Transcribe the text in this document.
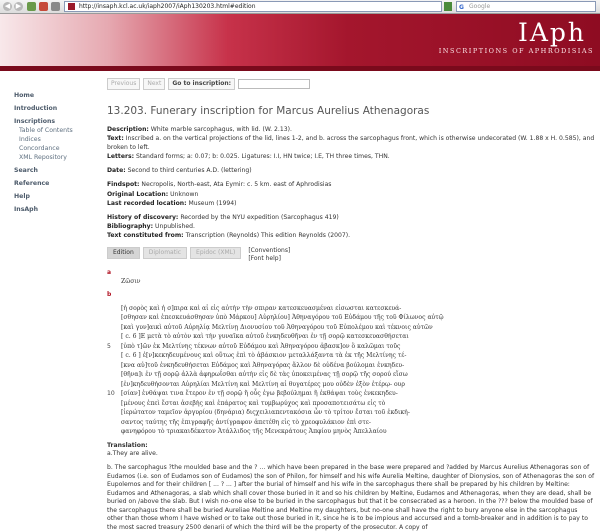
◀ ▶	http://insaph.kcl.ac.uk/iaph2007/iAph130203.html#edition	G Google
IAph
INSCRIPTIONS OF APHRODISIAS
Home
Introduction
Inscriptions
Table of Contents
Indices
Concordance
XML Repository
Search
Reference
Help
InsAph
Previous	Next	Go to inscription:
13.203. Funerary inscription for Marcus Aurelius Athenagoras
Description: White marble sarcophagus, with lid. (W. 2.13).
Text: Inscribed a. on the vertical projections of the lid, lines 1-2, and b. across the sarcophagus front, which is otherwise undecorated (W. 1.88 x H. 0.585), and broken to left.
Letters: Standard forms; a: 0.07; b: 0.025. Ligatures: Ι.Ι, ΗΝ twice; Ι.Ε, ΤΗ three times, ΤΗΝ.
Date: Second to third centuries A.D. (lettering)
Findspot: Necropolis, North-east, Ata Eymir: c. 5 km. east of Aphrodisias
Original Location: Unknown
Last recorded location: Museum (1994)
History of discovery: Recorded by the NYU expedition (Sarcophagus 419)
Bibliography: Unpublished.
Text constituted from: Transcription (Reynolds) This edition Reynolds (2007).
Edition	Diplomatic	Epidoc (XML)	[Conventions]
[Font help]
a
Ζῶσιν
b
[ἡ σορὸς καὶ ἡ σ]πιρα καὶ αἱ εἰς αὐτὴν τὴν σπιραν κατεσκευασμέναι εἰσωσται κατεσκευά-
[σθησαν καὶ ἐπεσκευάσθησαν ὑπὸ Μάρκου] Αὐρηλίου] Ἀθηναγόρου τοῦ Εὐδάμου τῆς τοῦ Φίλωνος αὐτῷ
[καὶ γυν]αικὶ αὐτοῦ Αὐρηλίᾳ Μελτίνῃ Διονυσίου τοῦ Ἀθηναγόρου τοῦ Εὐπολέμου καὶ τέκνοις αὐτῶν
[ c. 6 ]Ε μετὰ τὸ αὐτὸν καὶ τὴν γυναῖκα αὐτοῦ ἐνκηδευθῆναι ἐν τῇ σορῷ κατεσκευασθήσεται
5	[ὑπὸ τ]ῶν ἐκ Μελτίνης τέκνων αὐτοῦ Εὐδάμου καὶ Ἀθηναγόρου ἀβασκ]ον ὃ καλῶμαι τοῦς
[ c. 6 ] ἐ[ν]κεκηδευμένους καὶ οὕτως ἐπὶ τὸ ἀβάσκιον μεταλλάξαντα τὰ ἐκ τῆς Μελτίνης τέ-
[κνα αὐ]τοῦ ἐνκηδευθήσεται Εὐδάμος καὶ Ἀθηναγόρας ἄλλον δὲ οὐδένα βούλομαι ἐνκηδευ-
[θῆνα]ι ἐν τῇ σορῷ ἀλλὰ ἀφηρωΐσθαι αὐτὴν εἰς δὲ τὰς ὑποκειμένας τῇ σορῷ τῆς σορού εἴσω
[ἐν]κηδευθήσονται Αὐρηλίαι Μελτίνη καὶ Μελτίνη αἱ θυγατέρες μου οὐδὲν ἐξὸν ἑτέρῳ- ουρ
10	[σίαν] ἐνθάψαι τινα ἕτερον ἐν τῇ σορῷ ἢ οὖς ἐγω βεβούλημαι ἢ ἐκθάψαι τοὺς ἐνκεκηδευ-
[μένους ἐπεὶ ἔσται ἀσεβὴς καὶ ἐπάρατος καὶ τυμβωρύχος καὶ προσαποτεισάτω εἰς τὸ
[ἱερώτατον ταμεῖον ἀργυρίου (δηνάρια) διςχειλιαπεντακόσια ὧν τὸ τρίτον ἔσται τοῦ ἐκδική-
σαντος ταύτης τῆς ἐπιγραφῆς ἀντίγραφον ἀπετέθη εἰς τὸ χρεοφυλάκιον ἐπὶ στε-
φανηφόρου τὸ τριακαιδέκατον Ἀτάλλιδος τῆς Μενεκράτους Ἀπφίου μηνὸς Ἀπελλαίου
Translation:
a.They are alive.
b. The sarcophagus ?the moulded base and the ? ... which have been prepared in the base were prepared and ?added by Marcus Aurelius Athenagoras son of Eudamos (i.e. son of Eudamos son of Eudamos) the son of Philon, for himself and his wife Aurelia Meltine, daughter of Dionysios, son of Athenagoras the son of Eupolemos and for their children [ ... ? ... ] after the burial of himself and his wife in the sarcophagus there shall be prepared by his children by Meltine: Eudamos and Athenagoras, a slab which shall cover those buried in it and so his children by Meltine, Eudamos and Athenagoras, when they are dead, shall be buried on /above the slab. But I wish no-one else to be buried in the sarcophagus but that it be consecrated as a heroon. In the ??? below the moulded base of the sarcophagus there shall be buried Aureliae Meltine and Meltine my daughters, but no-one shall have the right to bury anyone else in the sarcophagus other than those whom I have wished or to take out those buried in it, since he is to be impious and accursed and a tomb-breaker and in addition is to pay to the most sacred treasury 2500 denarii of which the third will be the property of the prosecutor. A copy of
